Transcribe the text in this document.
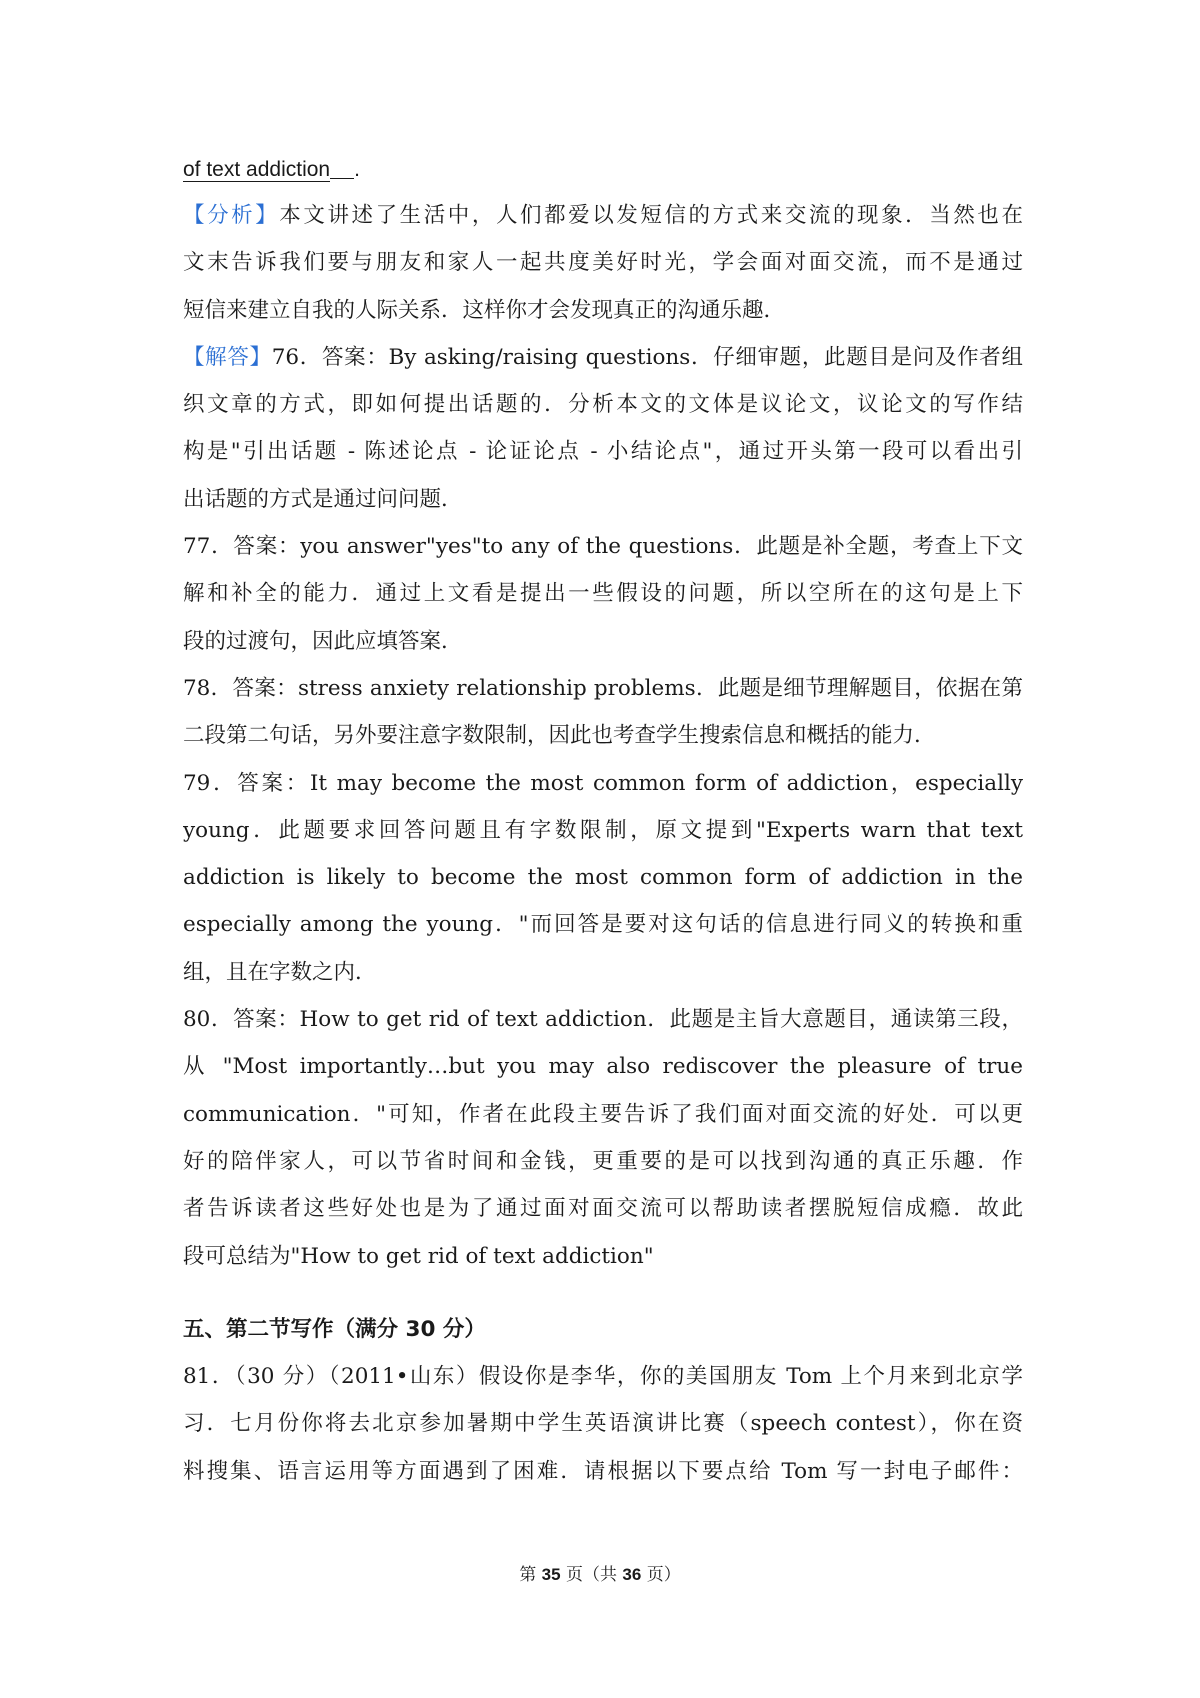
of text addiction .
【分析】本文讲述了生活中，人们都爱以发短信的方式来交流的现象．当然也在
文末告诉我们要与朋友和家人一起共度美好时光，学会面对面交流，而不是通过
短信来建立自我的人际关系．这样你才会发现真正的沟通乐趣．
【解答】76．答案：By asking/raising questions．仔细审题，此题目是问及作者组
织文章的方式，即如何提出话题的．分析本文的文体是议论文，议论文的写作结
构是"引出话题 - 陈述论点 - 论证论点 - 小结论点"，通过开头第一段可以看出引
出话题的方式是通过问问题．
77．答案：you answer"yes"to any of the questions．此题是补全题，考查上下文
解和补全的能力．通过上文看是提出一些假设的问题，所以空所在的这句是上下
段的过渡句，因此应填答案．
78．答案：stress anxiety relationship problems．此题是细节理解题目，依据在第
二段第二句话，另外要注意字数限制，因此也考查学生搜索信息和概括的能力．
79．答案：It may become the most common form of addiction，especially
young．此题要求回答问题且有字数限制，原文提到"Experts warn that text
addiction is likely to become the most common form of addiction in the
especially among the young．"而回答是要对这句话的信息进行同义的转换和重
组，且在字数之内．
80．答案：How to get rid of text addiction．此题是主旨大意题目，通读第三段，
从 "Most importantly…but you may also rediscover the pleasure of true
communication．"可知，作者在此段主要告诉了我们面对面交流的好处．可以更
好的陪伴家人，可以节省时间和金钱，更重要的是可以找到沟通的真正乐趣．作
者告诉读者这些好处也是为了通过面对面交流可以帮助读者摆脱短信成瘾．故此
段可总结为"How to get rid of text addiction"
五、第二节写作（满分 30 分）
81．（30 分）（2011•山东）假设你是李华，你的美国朋友 Tom 上个月来到北京学
习．七月份你将去北京参加暑期中学生英语演讲比赛（speech contest），你在资
料搜集、语言运用等方面遇到了困难．请根据以下要点给 Tom 写一封电子邮件：
第 35 页（共 36 页）
